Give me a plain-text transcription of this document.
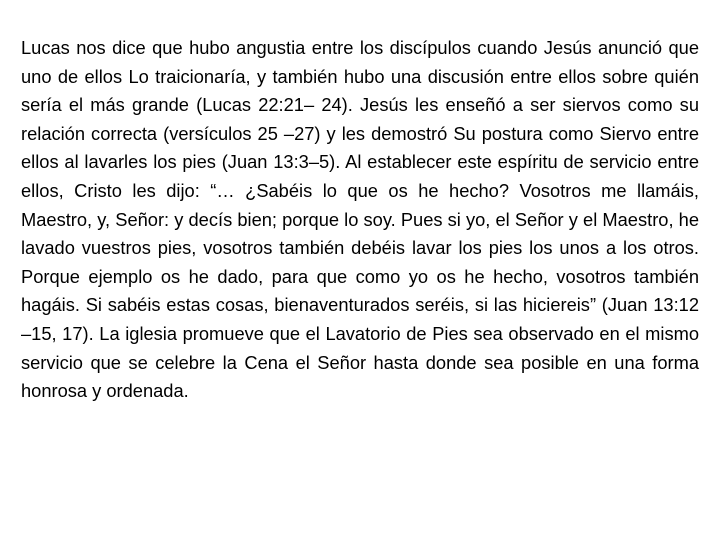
Lucas nos dice que hubo angustia entre los discípulos cuando Jesús anunció que uno de ellos Lo traicionaría, y también hubo una discusión entre ellos sobre quién sería el más grande (Lucas 22:21– 24). Jesús les enseñó a ser siervos como su relación correcta (versículos 25 –27) y les demostró Su postura como Siervo entre ellos al lavarles los pies (Juan 13:3–5). Al establecer este espíritu de servicio entre ellos, Cristo les dijo: “… ¿Sabéis lo que os he hecho? Vosotros me llamáis, Maestro, y, Señor: y decís bien; porque lo soy. Pues si yo, el Señor y el Maestro, he lavado vuestros pies, vosotros también debéis lavar los pies los unos a los otros. Porque ejemplo os he dado, para que como yo os he hecho, vosotros también hagáis. Si sabéis estas cosas, bienaventurados seréis, si las hiciereis” (Juan 13:12 –15, 17). La iglesia promueve que el Lavatorio de Pies sea observado en el mismo servicio que se celebre la Cena el Señor hasta donde sea posible en una forma honrosa y ordenada.
